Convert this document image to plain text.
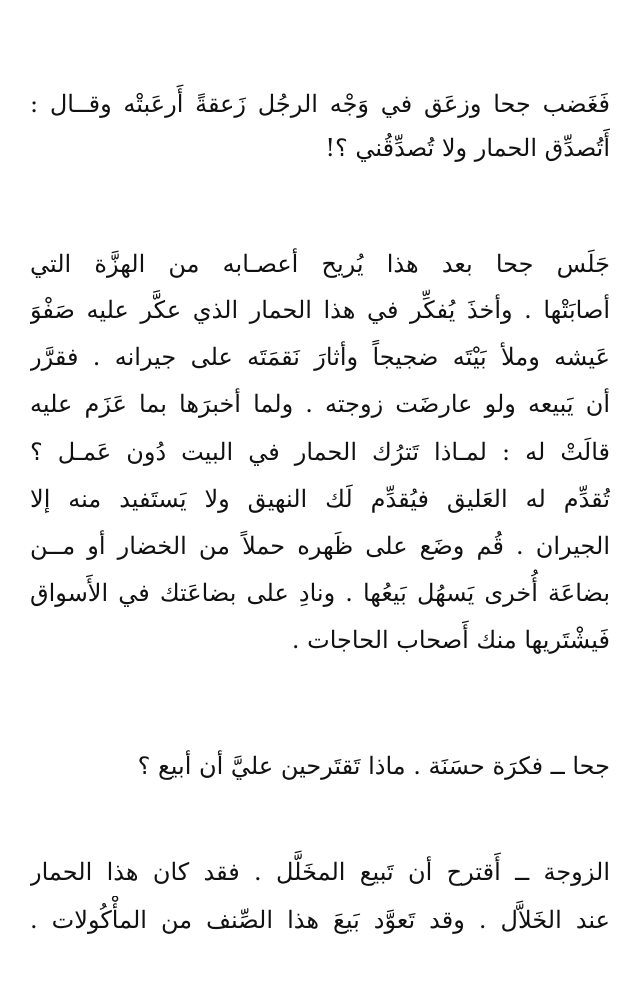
فَغَضب جحا وزعَق في وَجْه الرجُل زَعقةً أَرعَبتْه وقــال :
أَتُصدِّق الحمار ولا تُصدِّقُني ؟!
جَلَس جحا بعد هذا يُريح أعصـابه من الهزَّة التي
أصابَتْها . وأخذَ يُفكِّر في هذا الحمار الذي عكَّر عليه صَفْوَ
عَيشه وملأ بَيْتَه ضجيجاً وأثارَ نَقمَتَه على جيرانه . فقرَّر
أن يَبيعه ولو عارضَت زوجته . ولما أخبرَها بما عَزَم عليه
قالَتْ له : لمـاذا تَترُك الحمار في البيت دُون عَمـل ؟
تُقدِّم له العَليق فيُقدِّم لَك النهيق ولا يَستَفيد منه إلا
الجيران . قُم وضَع على ظَهره حملاً من الخضار أو مــن
بضاعَة أُخرى يَسهُل بَيعُها . ونادِ على بضاعَتك في الأَسواق
فَيشْتَريها منك أَصحاب الحاجات .
جحا ــ فكرَة حسَنَة . ماذا تَقتَرحين عليَّ أن أبيع ؟
الزوجة ــ أَقترح أن تَبيع المخَلَّل . فقد كان هذا الحمار
عند الخَلاَّل . وقد تَعوَّد بَيعَ هذا الصِّنف من المأْكُولات .
